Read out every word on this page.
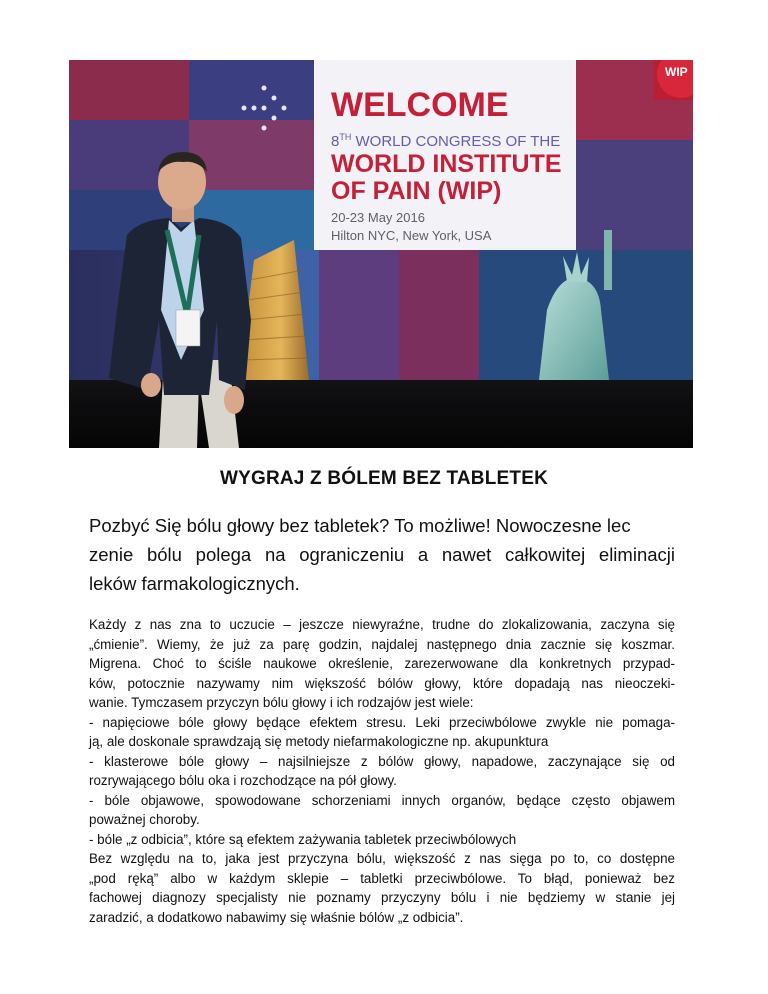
WELCOME
8TH WORLD CONGRESS OF THE
WORLD INSTITUTE
OF PAIN (WIP)
20-23 May 2016
Hilton NYC, New York, USA
WIP
WYGRAJ Z BÓLEM BEZ TABLETEK

Pozbyć Się bólu głowy bez tabletek? To możliwe! Nowoczesne lec
zenie bólu polega na ograniczeniu a nawet całkowitej eliminacji
leków farmakologicznych.

Każdy z nas zna to uczucie – jeszcze niewyraźne, trudne do zlokalizowania, zaczyna się
„ćmienie”. Wiemy, że już za parę godzin, najdalej następnego dnia zacznie się koszmar.
Migrena. Choć to ściśle naukowe określenie, zarezerwowane dla konkretnych przypad-
ków, potocznie nazywamy nim większość bólów głowy, które dopadają nas nieoczeki-
wanie. Tymczasem przyczyn bólu głowy i ich rodzajów jest wiele:
- napięciowe bóle głowy będące efektem stresu. Leki przeciwbólowe zwykle nie pomaga-
ją, ale doskonale sprawdzają się metody niefarmakologiczne np. akupunktura
- klasterowe bóle głowy – najsilniejsze z bólów głowy, napadowe, zaczynające się od
rozrywającego bólu oka i rozchodzące na pół głowy.
- bóle objawowe, spowodowane schorzeniami innych organów, będące często objawem
poważnej choroby.
- bóle „z odbicia”, które są efektem zażywania tabletek przeciwbólowych
Bez względu na to, jaka jest przyczyna bólu, większość z nas sięga po to, co dostępne
„pod ręką” albo w każdym sklepie – tabletki przeciwbólowe. To błąd, ponieważ bez
fachowej diagnozy specjalisty nie poznamy przyczyny bólu i nie będziemy w stanie jej
zaradzić, a dodatkowo nabawimy się właśnie bólów „z odbicia”.
